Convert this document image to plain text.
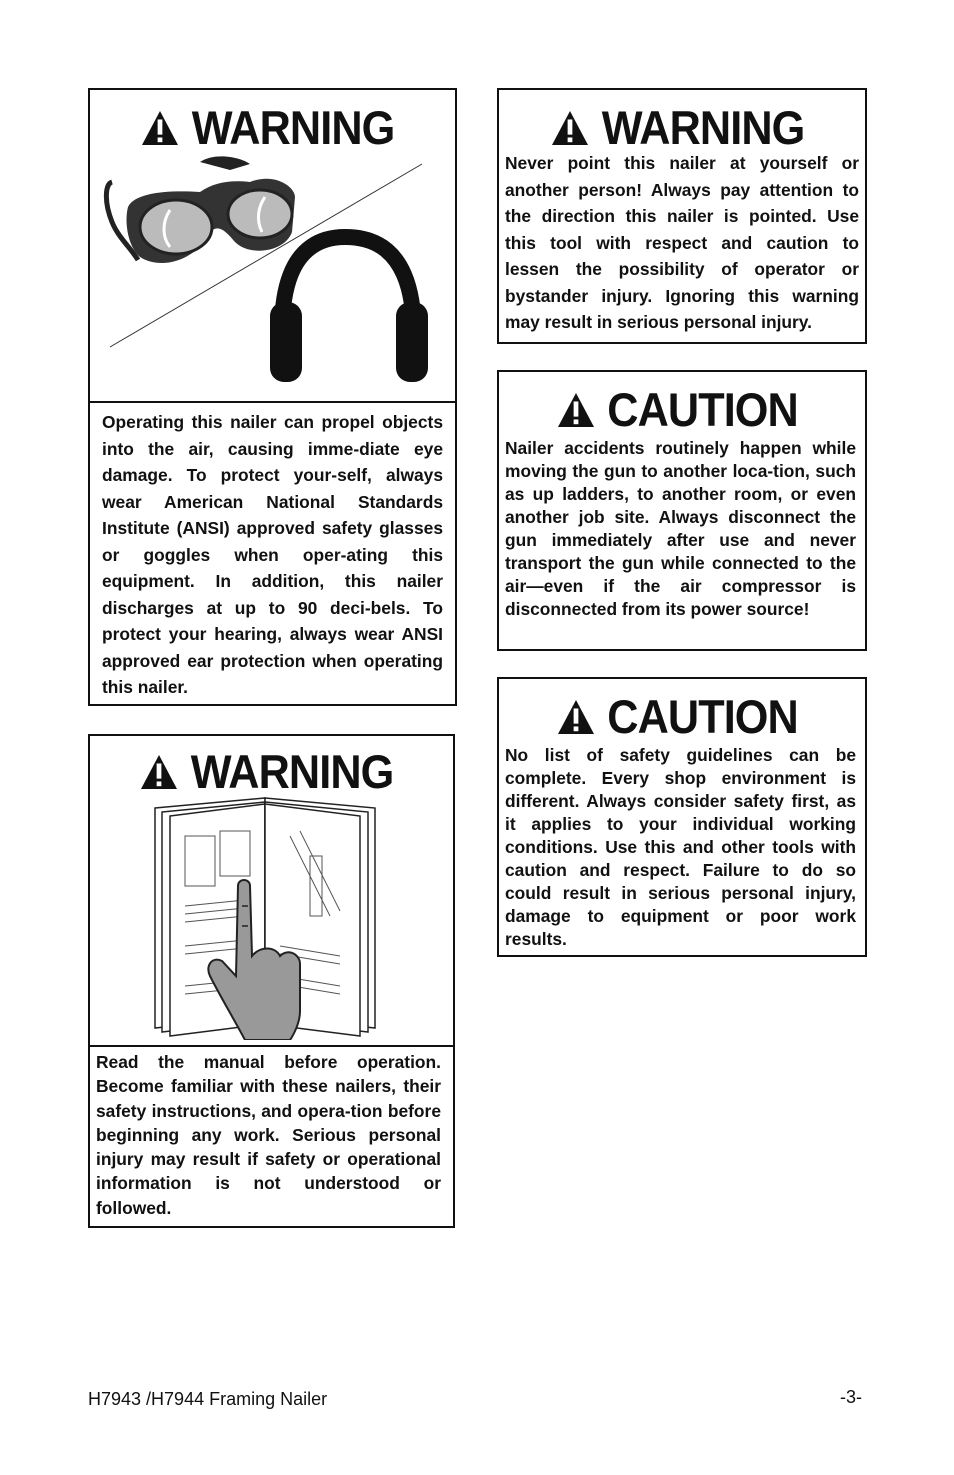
WARNING
Operating this nailer can propel objects into the air, causing imme-diate eye damage. To protect your-self, always wear American National Standards Institute (ANSI) approved safety glasses or goggles when oper-ating this equipment. In addition, this nailer discharges at up to 90 deci-bels. To protect your hearing, always wear ANSI approved ear protection when operating this nailer.
WARNING
Read the manual before operation. Become familiar with these nailers, their safety instructions, and opera-tion before beginning any work. Serious personal injury may result if safety or operational information is not understood or followed.
WARNING
Never point this nailer at yourself or another person! Always pay attention to the direction this nailer is pointed. Use this tool with respect and caution to lessen the possibility of operator or bystander injury. Ignoring this warning may result in serious personal injury.
CAUTION
Nailer accidents routinely happen while moving the gun to another loca-tion, such as up ladders, to another room, or even another job site. Always disconnect the gun immediately after use and never transport the gun while connected to the air—even if the air compressor is disconnected from its power source!
CAUTION
No list of safety guidelines can be complete. Every shop environment is different. Always consider safety first, as it applies to your individual working conditions. Use this and other tools with caution and respect. Failure to do so could result in serious personal injury, damage to equipment or poor work results.
H7943 /H7944 Framing Nailer	-3-
